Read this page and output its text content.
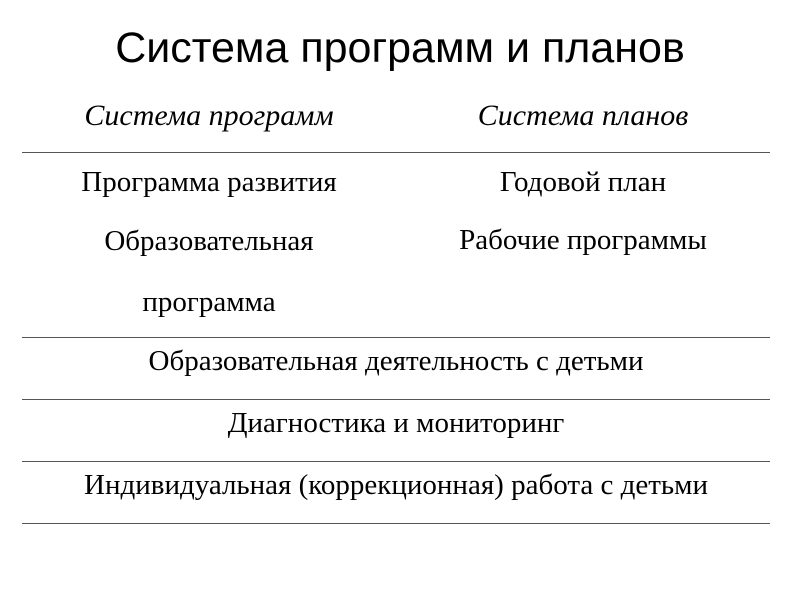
Система программ и планов
Система программ	Система планов
Программа развития
Образовательная программа
Годовой план
Рабочие программы
Образовательная деятельность с детьми
Диагностика и мониторинг
Индивидуальная (коррекционная) работа с детьми
